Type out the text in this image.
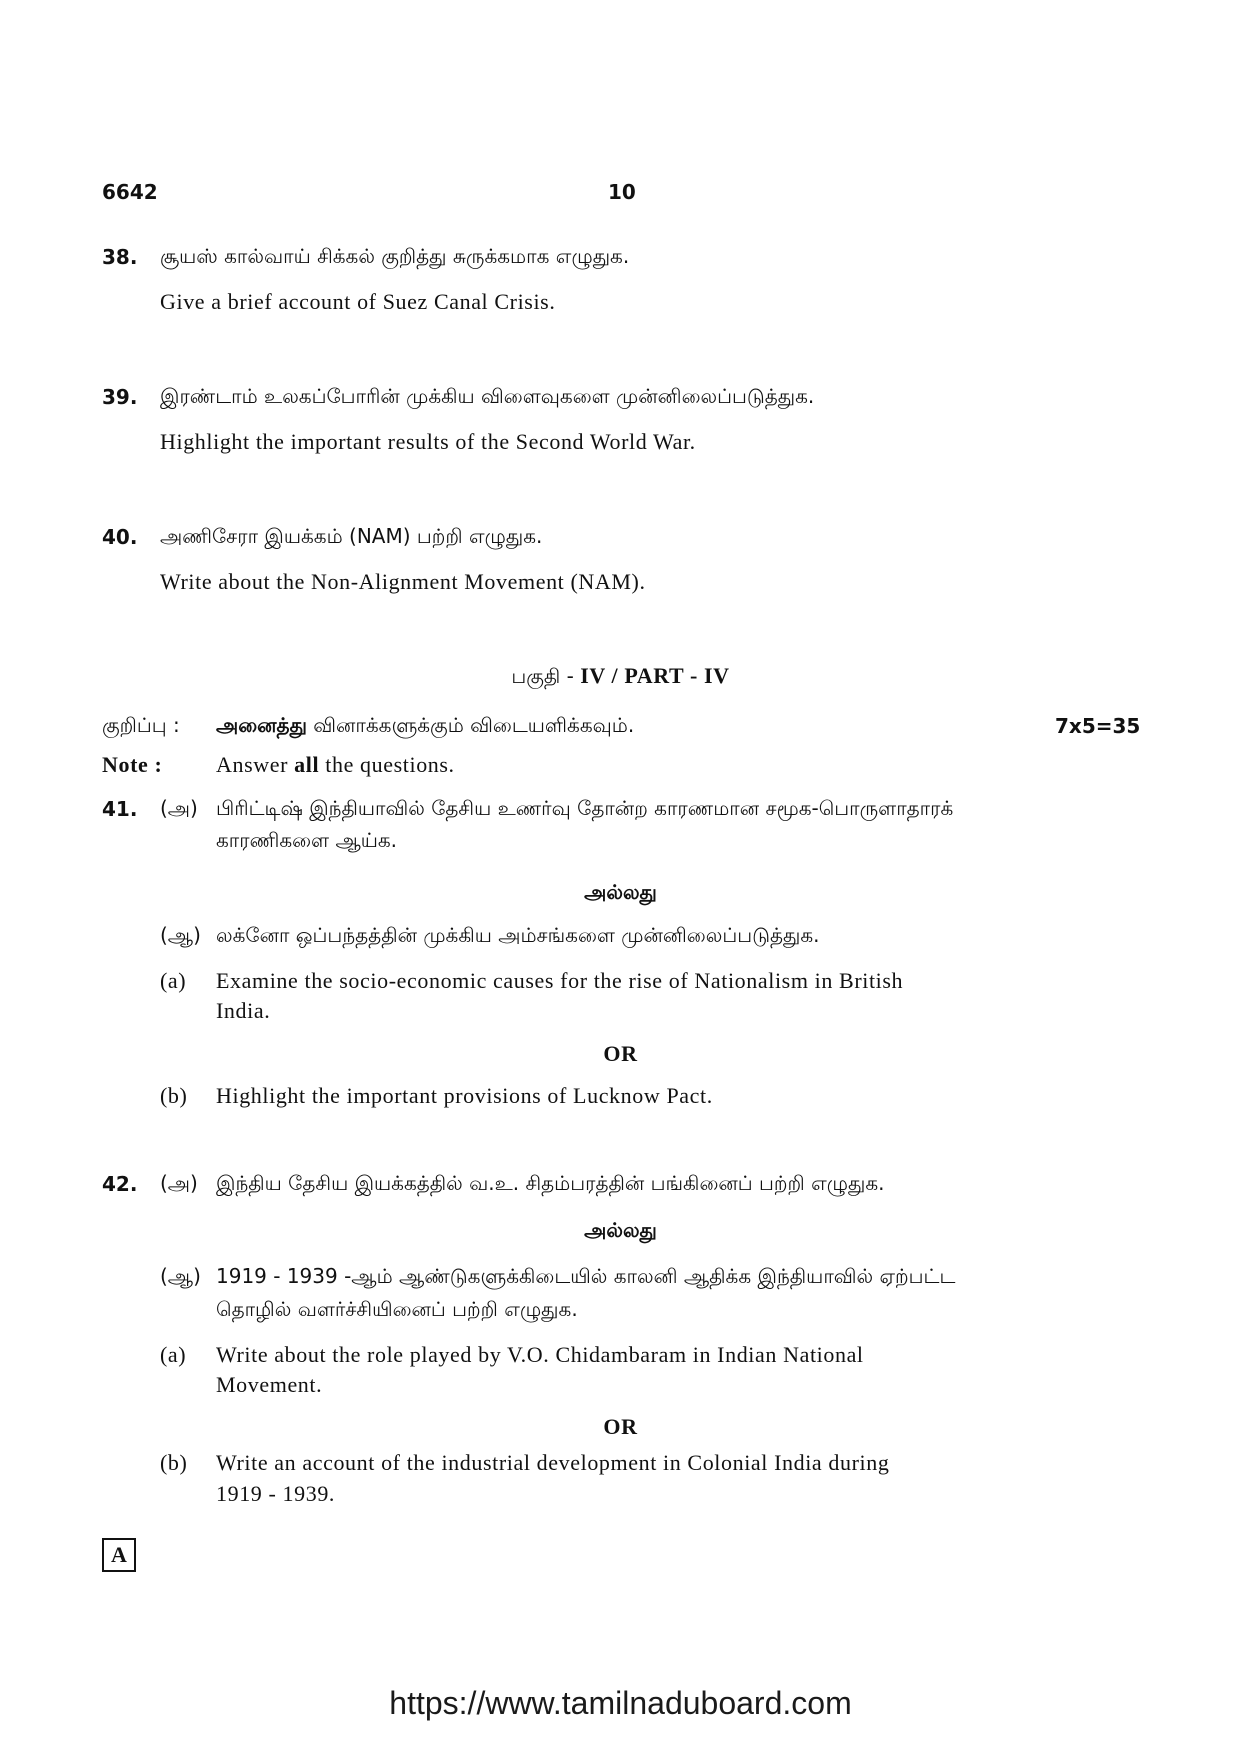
6642	10
38. சூயஸ் கால்வாய் சிக்கல் குறித்து சுருக்கமாக எழுதுக.
Give a brief account of Suez Canal Crisis.
39. இரண்டாம் உலகப்போரின் முக்கிய விளைவுகளை முன்னிலைப்படுத்துக.
Highlight the important results of the Second World War.
40. அணிசேரா இயக்கம் (NAM) பற்றி எழுதுக.
Write about the Non-Alignment Movement (NAM).
பகுதி - IV / PART - IV
குறிப்பு : அனைத்து வினாக்களுக்கும் விடையளிக்கவும்.	7x5=35
Note : Answer all the questions.
41. (அ) பிரிட்டிஷ் இந்தியாவில் தேசிய உணர்வு தோன்ற காரணமான சமூக-பொருளாதாரக்
காரணிகளை ஆய்க.
அல்லது
(ஆ) லக்னோ ஒப்பந்தத்தின் முக்கிய அம்சங்களை முன்னிலைப்படுத்துக.
(a) Examine the socio-economic causes for the rise of Nationalism in British
India.
OR
(b) Highlight the important provisions of Lucknow Pact.
42. (அ) இந்திய தேசிய இயக்கத்தில் வ.உ. சிதம்பரத்தின் பங்கினைப் பற்றி எழுதுக.
அல்லது
(ஆ) 1919 - 1939 -ஆம் ஆண்டுகளுக்கிடையில் காலனி ஆதிக்க இந்தியாவில் ஏற்பட்ட
தொழில் வளர்ச்சியினைப் பற்றி எழுதுக.
(a) Write about the role played by V.O. Chidambaram in Indian National
Movement.
OR
(b) Write an account of the industrial development in Colonial India during
1919 - 1939.
A
https://www.tamilnaduboard.com
